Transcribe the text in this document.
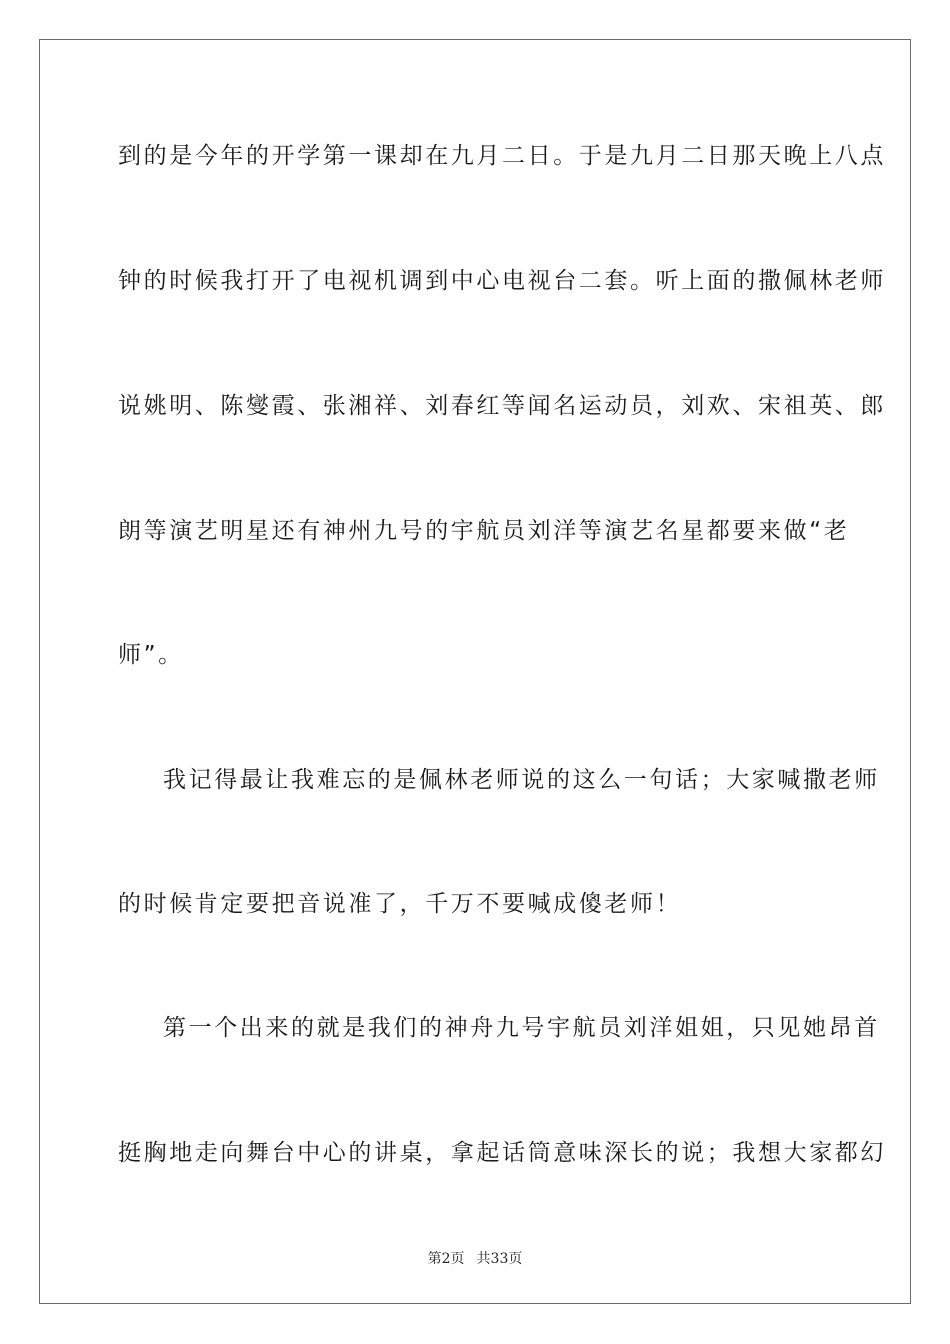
到的是今年的开学第一课却在九月二日。于是九月二日那天晚上八点
钟的时候我打开了电视机调到中心电视台二套。听上面的撒佩林老师
说姚明、陈燮霞、张湘祥、刘春红等闻名运动员，刘欢、宋祖英、郎
朗等演艺明星还有神州九号的宇航员刘洋等演艺名星都要来做“老
师”。
我记得最让我难忘的是佩林老师说的这么一句话；大家喊撒老师
的时候肯定要把音说准了，千万不要喊成傻老师！
第一个出来的就是我们的神舟九号宇航员刘洋姐姐，只见她昂首
挺胸地走向舞台中心的讲桌，拿起话筒意味深长的说；我想大家都幻
第2页 共33页
